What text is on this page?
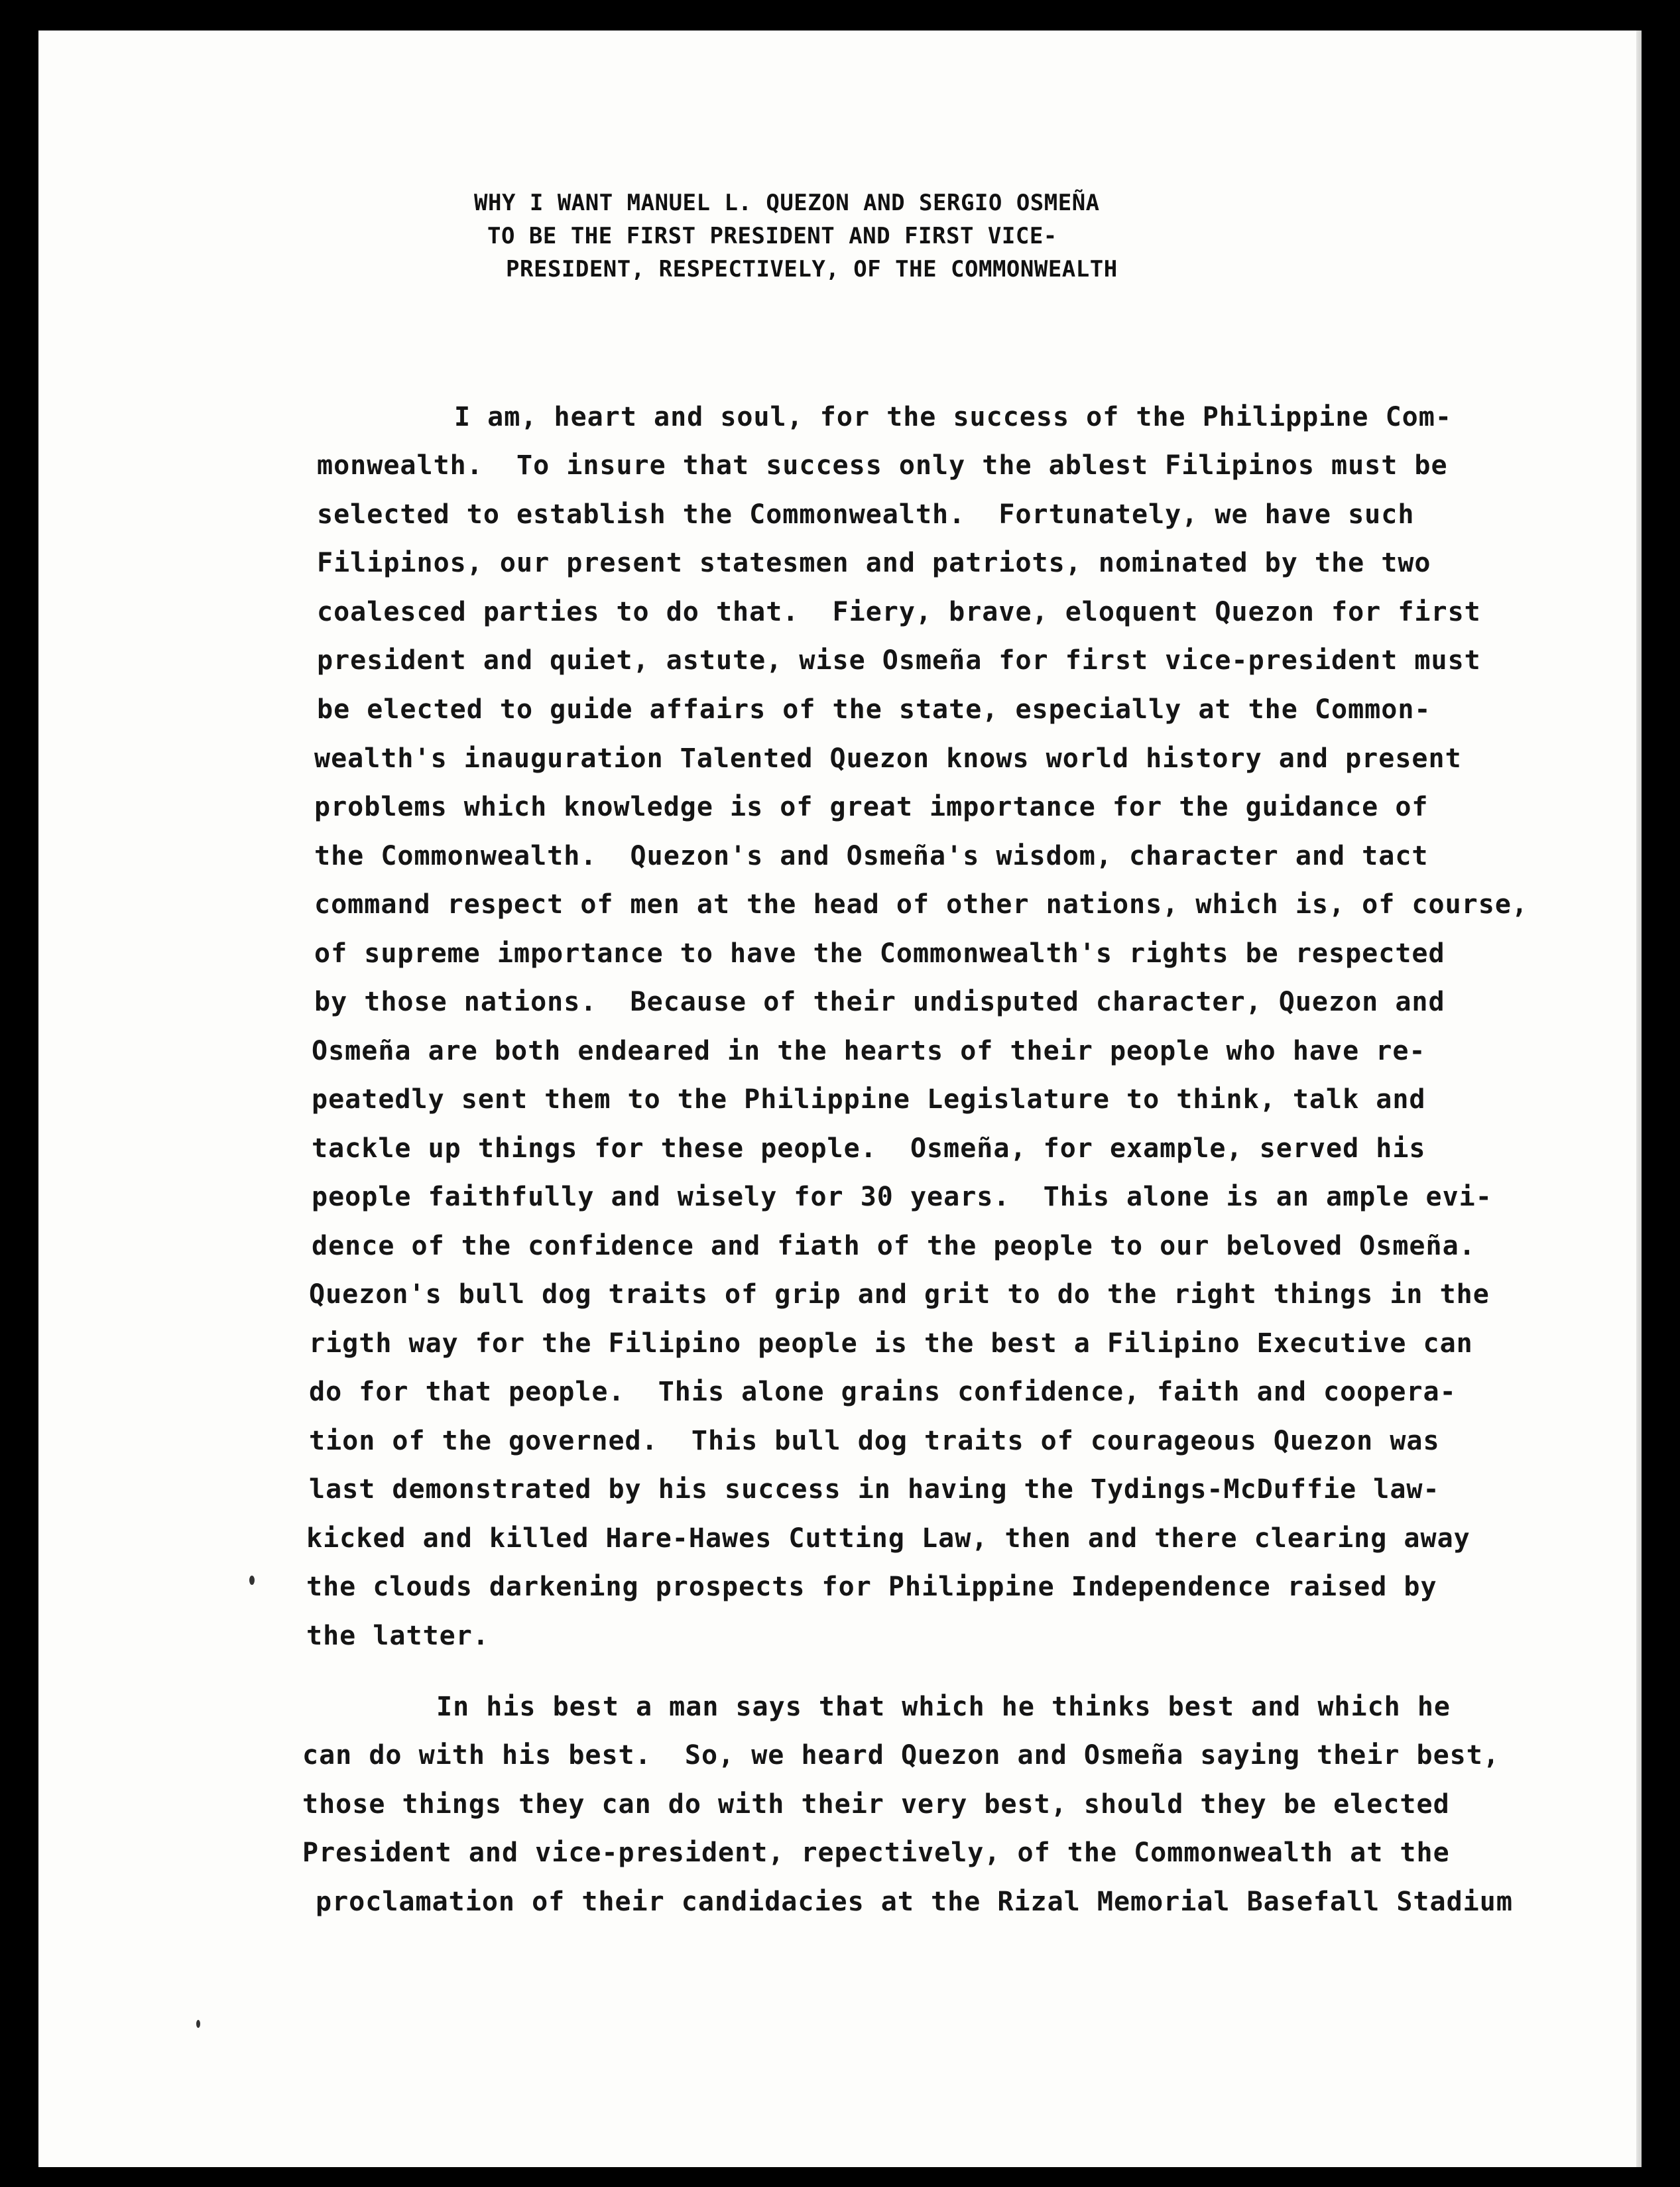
WHY I WANT MANUEL L. QUEZON AND SERGIO OSMEÑA
TO BE THE FIRST PRESIDENT AND FIRST VICE-
PRESIDENT, RESPECTIVELY, OF THE COMMONWEALTH
I am, heart and soul, for the success of the Philippine Com-
monwealth.  To insure that success only the ablest Filipinos must be
selected to establish the Commonwealth.  Fortunately, we have such
Filipinos, our present statesmen and patriots, nominated by the two
coalesced parties to do that.  Fiery, brave, eloquent Quezon for first
president and quiet, astute, wise Osmeña for first vice-president must
be elected to guide affairs of the state, especially at the Common-
wealth's inauguration Talented Quezon knows world history and present
problems which knowledge is of great importance for the guidance of
the Commonwealth.  Quezon's and Osmeña's wisdom, character and tact
command respect of men at the head of other nations, which is, of course,
of supreme importance to have the Commonwealth's rights be respected
by those nations.  Because of their undisputed character, Quezon and
Osmeña are both endeared in the hearts of their people who have re-
peatedly sent them to the Philippine Legislature to think, talk and
tackle up things for these people.  Osmeña, for example, served his
people faithfully and wisely for 30 years.  This alone is an ample evi-
dence of the confidence and fiath of the people to our beloved Osmeña.
Quezon's bull dog traits of grip and grit to do the right things in the
rigth way for the Filipino people is the best a Filipino Executive can
do for that people.  This alone grains confidence, faith and coopera-
tion of the governed.  This bull dog traits of courageous Quezon was
last demonstrated by his success in having the Tydings-McDuffie law-
kicked and killed Hare-Hawes Cutting Law, then and there clearing away
the clouds darkening prospects for Philippine Independence raised by
the latter.
In his best a man says that which he thinks best and which he
can do with his best.  So, we heard Quezon and Osmeña saying their best,
those things they can do with their very best, should they be elected
President and vice-president, repectively, of the Commonwealth at the
proclamation of their candidacies at the Rizal Memorial Basefall Stadium
